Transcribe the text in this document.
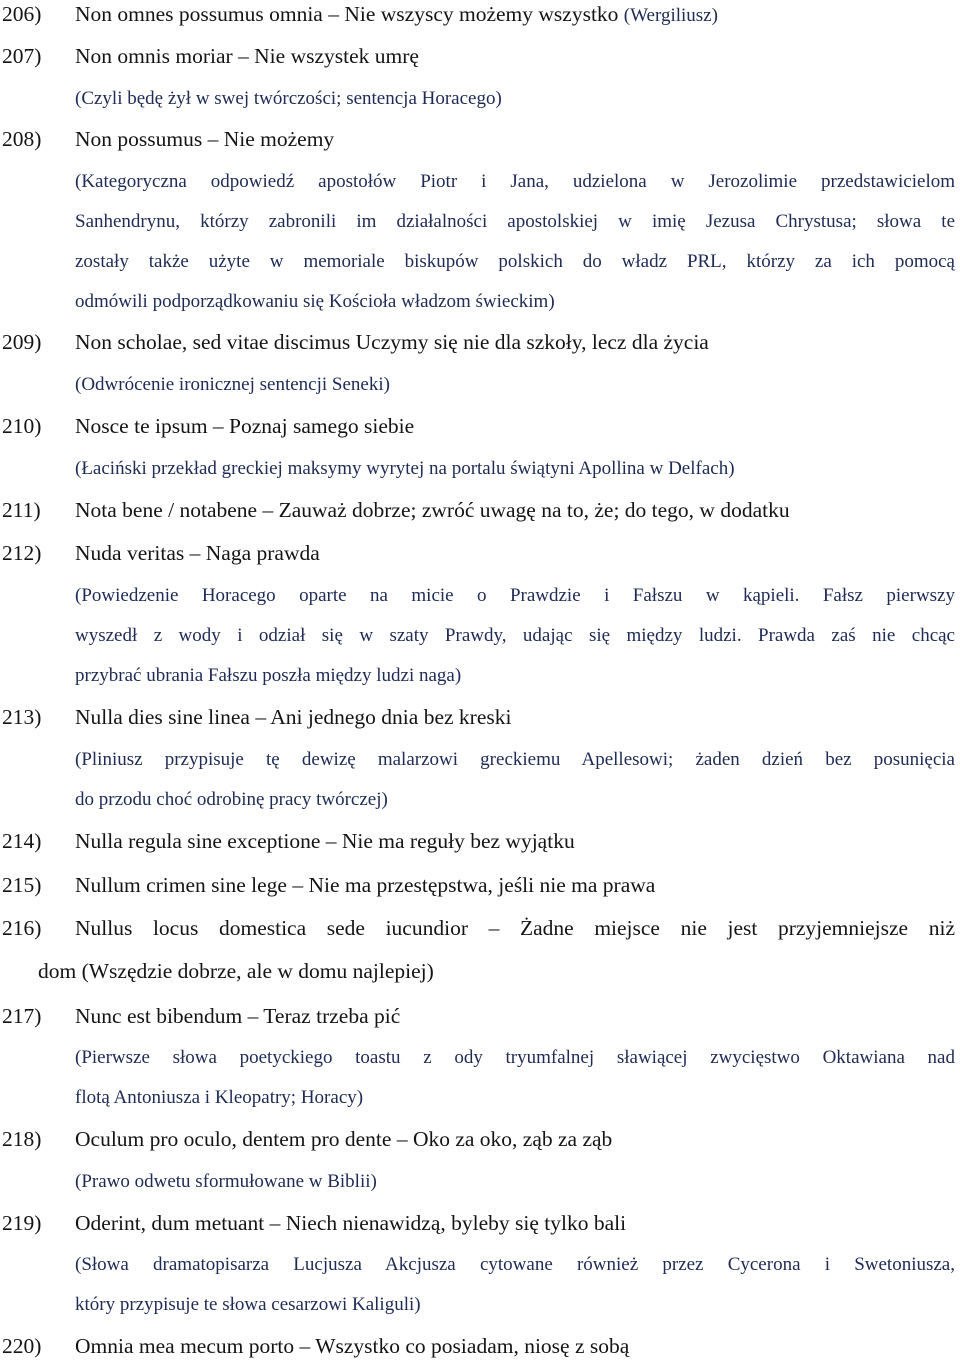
206) Non omnes possumus omnia – Nie wszyscy możemy wszystko (Wergiliusz)
207) Non omnis moriar – Nie wszystek umrę
(Czyli będę żył w swej twórczości; sentencja Horacego)
208) Non possumus – Nie możemy
(Kategoryczna odpowiedź apostołów Piotr i Jana, udzielona w Jerozolimie przedstawicielom
Sanhendrynu, którzy zabronili im działalności apostolskiej w imię Jezusa Chrystusa; słowa te
zostały także użyte w memoriale biskupów polskich do władz PRL, którzy za ich pomocą
odmówili podporządkowaniu się Kościoła władzom świeckim)
209) Non scholae, sed vitae discimus Uczymy się nie dla szkoły, lecz dla życia
(Odwrócenie ironicznej sentencji Seneki)
210) Nosce te ipsum – Poznaj samego siebie
(Łaciński przekład greckiej maksymy wyrytej na portalu świątyni Apollina w Delfach)
211) Nota bene / notabene – Zauważ dobrze; zwróć uwagę na to, że; do tego, w dodatku
212) Nuda veritas – Naga prawda
(Powiedzenie Horacego oparte na micie o Prawdzie i Fałszu w kąpieli. Fałsz pierwszy
wyszedł z wody i odział się w szaty Prawdy, udając się między ludzi. Prawda zaś nie chcąc
przybrać ubrania Fałszu poszła między ludzi naga)
213) Nulla dies sine linea – Ani jednego dnia bez kreski
(Pliniusz przypisuje tę dewizę malarzowi greckiemu Apellesowi; żaden dzień bez posunięcia
do przodu choć odrobinę pracy twórczej)
214) Nulla regula sine exceptione – Nie ma reguły bez wyjątku
215) Nullum crimen sine lege – Nie ma przestępstwa, jeśli nie ma prawa
216) Nullus locus domestica sede iucundior – Żadne miejsce nie jest przyjemniejsze niż
dom (Wszędzie dobrze, ale w domu najlepiej)
217) Nunc est bibendum – Teraz trzeba pić
(Pierwsze słowa poetyckiego toastu z ody tryumfalnej sławiącej zwycięstwo Oktawiana nad
flotą Antoniusza i Kleopatry; Horacy)
218) Oculum pro oculo, dentem pro dente – Oko za oko, ząb za ząb
(Prawo odwetu sformułowane w Biblii)
219) Oderint, dum metuant – Niech nienawidzą, byleby się tylko bali
(Słowa dramatopisarza Lucjusza Akcjusza cytowane również przez Cycerona i Swetoniusza,
który przypisuje te słowa cesarzowi Kaliguli)
220) Omnia mea mecum porto – Wszystko co posiadam, niosę z sobą
